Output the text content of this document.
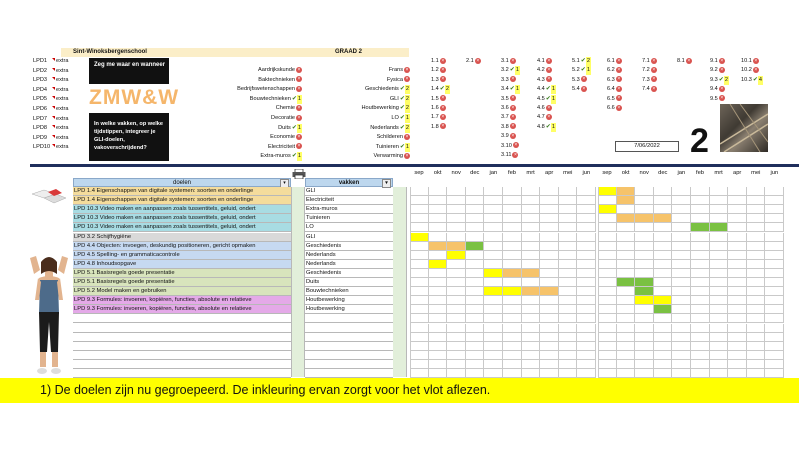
Sint-Winoksbergenschool	GRAAD 2
LPD1 extra
LPD2 extra
LPD3 extra
LPD4 extra
LPD5 extra
LPD6 extra
LPD7 extra
LPD8 extra
LPD9 extra
LPD10 extra
Zeg me waar en wanneer
ZMW&W
In welke vakken, op welke tijdstippen, integreer je GLI-doelen, vakoverschrijdend?
Aardrijkskunde ×
Baktechnieken ×
Bedrijfswetenschappen ×
Bouwtechnieken✔1
Chemie ×
Decoratie ×
Duits✔1
Economie ×
Electriciteit ×
Extra-muros✔1
Frans ×
Fysica ×
Geschiedenis✔2
GLI✔2
Houtbewerking✔2
LO✔1
Nederlands✔2
Schilderen ×
Tuinieren✔1
Verwarming ×
1.1 ×	2.1 ×	3.1 ×	4.1 ×	5.1✔2	6.1 ×	7.1 ×	8.1 ×	9.1 ×	10.1 ×
1.2 ×	3.2✔1	4.2 ×	5.2✔1	6.2 ×	7.2 ×	9.2 ×	10.2 ×
1.3 ×	3.3 ×	4.3 ×	5.3 ×	6.3 ×	7.3 ×	9.3✔2 10.3✔4
1.4✔2	3.4✔1	4.4✔1	5.4 ×	6.4 ×	7.4 ×	9.4 ×
1.5 ×	3.5 ×	4.5✔1	6.5 ×	9.5 ×
1.6 ×	3.6 ×	4.6 ×	6.6 ×
1.7 ×	3.7 ×	4.7 ×
1.8 ×	3.8 ×	4.8✔1
3.9 ×
3.10 ×
3.11 ×
7/06/2022 2
doelen	▾	vakken	▾
sep	okt	nov	dec	jan	feb	mrt	apr	mei	jun	sep	okt	nov	dec	jan	feb	mrt	apr	mei	jun
LPD 1.4 Eigenschappen van digitale systemen: soorten en onderlinge	GLI
LPD 1.4 Eigenschappen van digitale systemen: soorten en onderlinge	Electriciteit
LPD 10.3 Video maken en aanpassen zoals tussentitels, geluid, ondert	Extra-muros
LPD 10.3 Video maken en aanpassen zoals tussentitels, geluid, ondert	Tuinieren
LPD 10.3 Video maken en aanpassen zoals tussentitels, geluid, ondert	LO
LPD 3.2 Schijfhygiëne	GLI
LPD 4.4 Objecten: invoegen, deskundig positioneren, gericht opmaken	Geschiedenis
LPD 4.5 Spelling- en grammaticacontrole	Nederlands
LPD 4.8 Inhoudsopgave	Nederlands
LPD 5.1 Basisregels goede presentatie	Geschiedenis
LPD 5.1 Basisregels goede presentatie	Duits
LPD 5.2 Model maken en gebruiken	Bouwtechnieken
LPD 9.3 Formules: invoeren, kopiëren, functies, absolute en relatieve	Houtbewerking
LPD 9.3 Formules: invoeren, kopiëren, functies, absolute en relatieve	Houtbewerking
1) De doelen zijn nu gegroepeerd. De inkleuring ervan zorgt voor het vlot aflezen.
